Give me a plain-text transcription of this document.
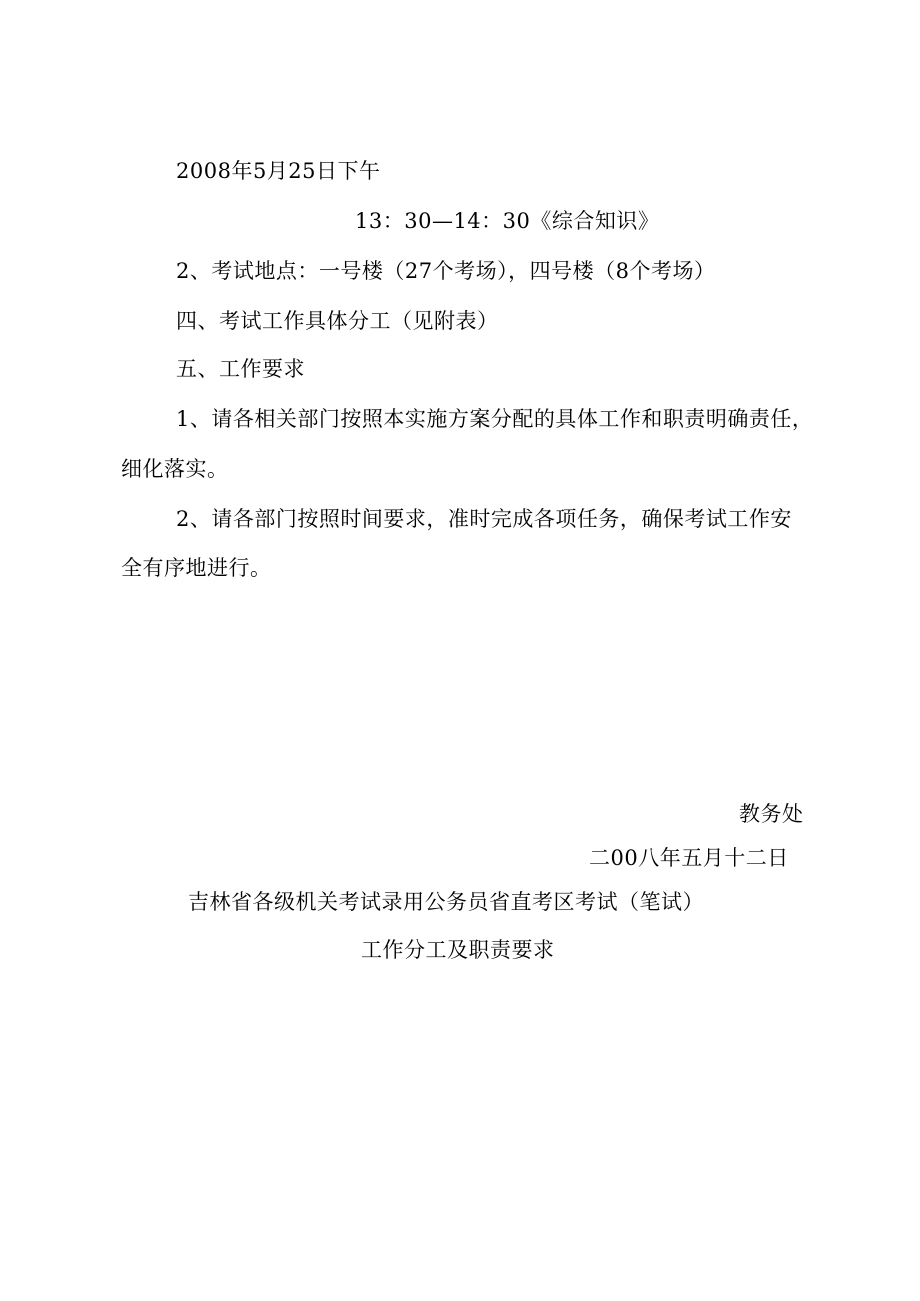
2008年5月25日下午
13：30—14：30《综合知识》
2、考试地点：一号楼（27个考场），四号楼（8个考场）
四、考试工作具体分工（见附表）
五、工作要求
1、请各相关部门按照本实施方案分配的具体工作和职责明确责任，
细化落实。
2、请各部门按照时间要求，准时完成各项任务，确保考试工作安
全有序地进行。
教务处
二00八年五月十二日
吉林省各级机关考试录用公务员省直考区考试（笔试）
工作分工及职责要求
